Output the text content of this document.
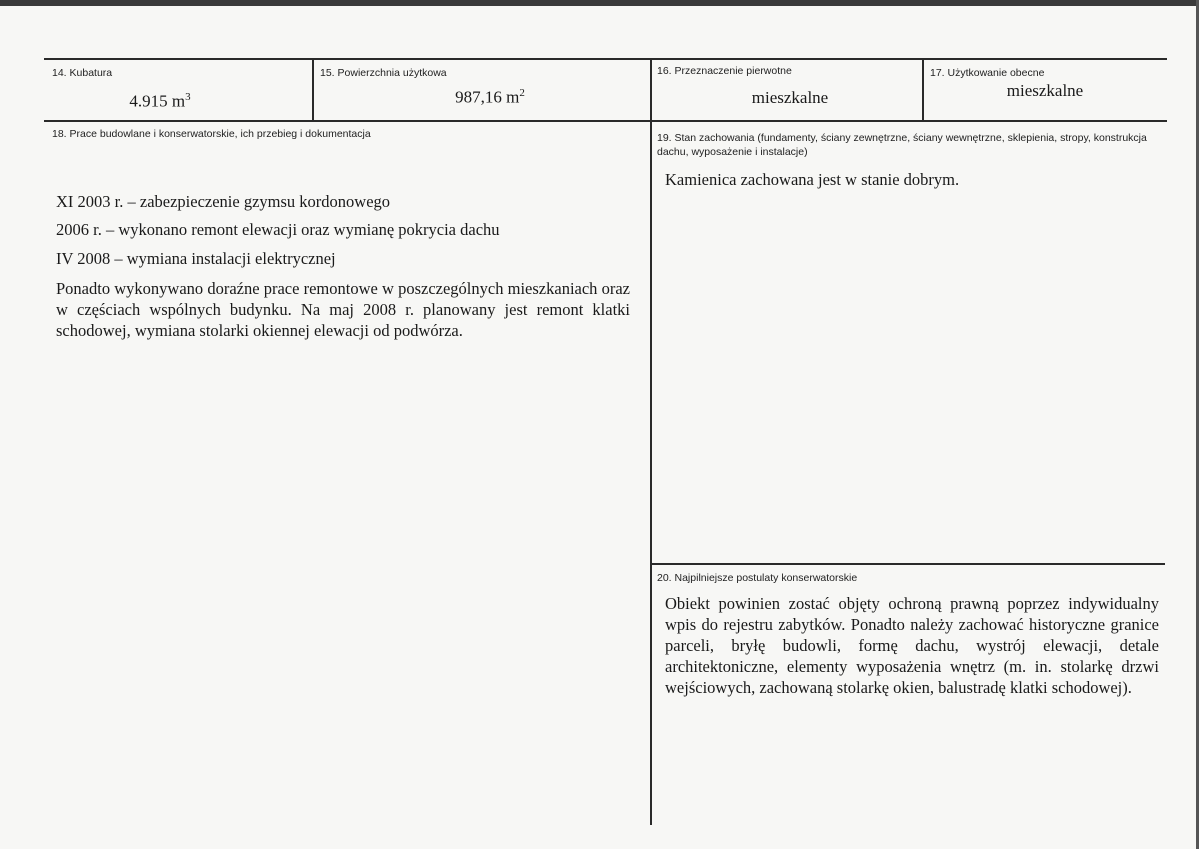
14. Kubatura
4.915 $m^3$
15. Powierzchnia użytkowa
987,16 $m^2$
16. Przeznaczenie pierwotne
mieszkalne
17. Użytkowanie obecne
mieszkalne
18. Prace budowlane i konserwatorskie, ich przebieg i dokumentacja
XI 2003 r. – zabezpieczenie gzymsu kordonowego
2006 r. – wykonano remont elewacji oraz wymianę pokrycia dachu
IV 2008 – wymiana instalacji elektrycznej
Ponadto wykonywano doraźne prace remontowe w poszczególnych mieszkaniach oraz w częściach wspólnych budynku. Na maj 2008 r. planowany jest remont klatki schodowej, wymiana stolarki okiennej elewacji od podwórza.
19. Stan zachowania (fundamenty, ściany zewnętrzne, ściany wewnętrzne, sklepienia, stropy, konstrukcja dachu, wyposażenie i instalacje)
Kamienica zachowana jest w stanie dobrym.
20. Najpilniejsze postulaty konserwatorskie
Obiekt powinien zostać objęty ochroną prawną poprzez indywidualny wpis do rejestru zabytków. Ponadto należy zachować historyczne granice parceli, bryłę budowli, formę dachu, wystrój elewacji, detale architektoniczne, elementy wyposażenia wnętrz (m. in. stolarkę drzwi wejściowych, zachowaną stolarkę okien, balustradę klatki schodowej).
